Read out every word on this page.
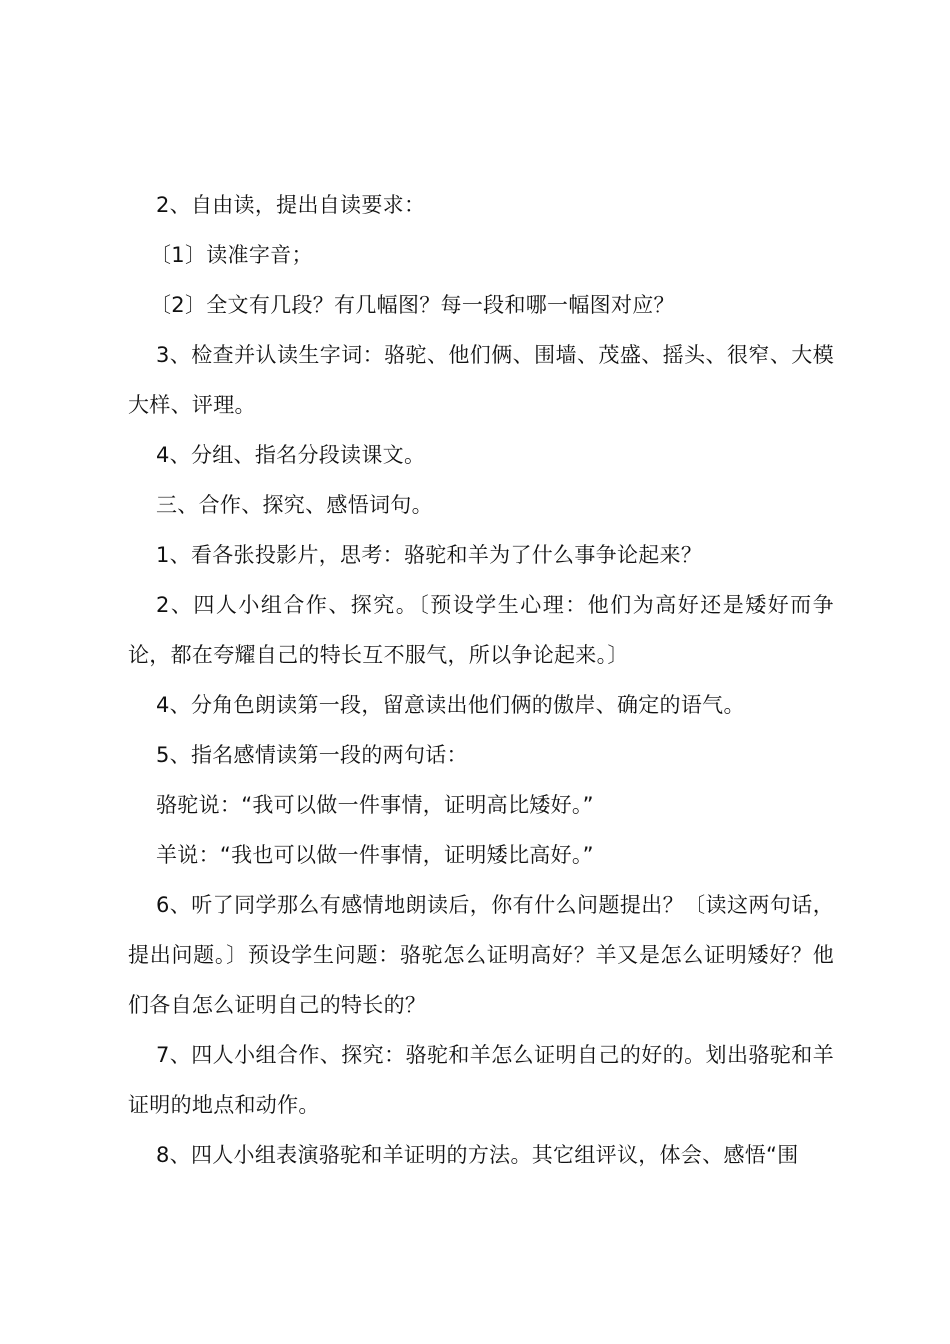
2、自由读，提出自读要求：

〔1〕读准字音；

〔2〕全文有几段？有几幅图？每一段和哪一幅图对应？

3、检查并认读生字词：骆驼、他们俩、围墙、茂盛、摇头、很窄、大模大样、评理。

4、分组、指名分段读课文。

三、合作、探究、感悟词句。

1、看各张投影片，思考：骆驼和羊为了什么事争论起来？

2、四人小组合作、探究。〔预设学生心理：他们为高好还是矮好而争论，都在夸耀自己的特长互不服气，所以争论起来。〕

4、分角色朗读第一段，留意读出他们俩的傲岸、确定的语气。

5、指名感情读第一段的两句话：

骆驼说：“我可以做一件事情，证明高比矮好。”

羊说：“我也可以做一件事情，证明矮比高好。”

6、听了同学那么有感情地朗读后，你有什么问题提出？〔读这两句话，提出问题。〕预设学生问题：骆驼怎么证明高好？羊又是怎么证明矮好？他们各自怎么证明自己的特长的？

7、四人小组合作、探究：骆驼和羊怎么证明自己的好的。划出骆驼和羊证明的地点和动作。

8、四人小组表演骆驼和羊证明的方法。其它组评议，体会、感悟“围
